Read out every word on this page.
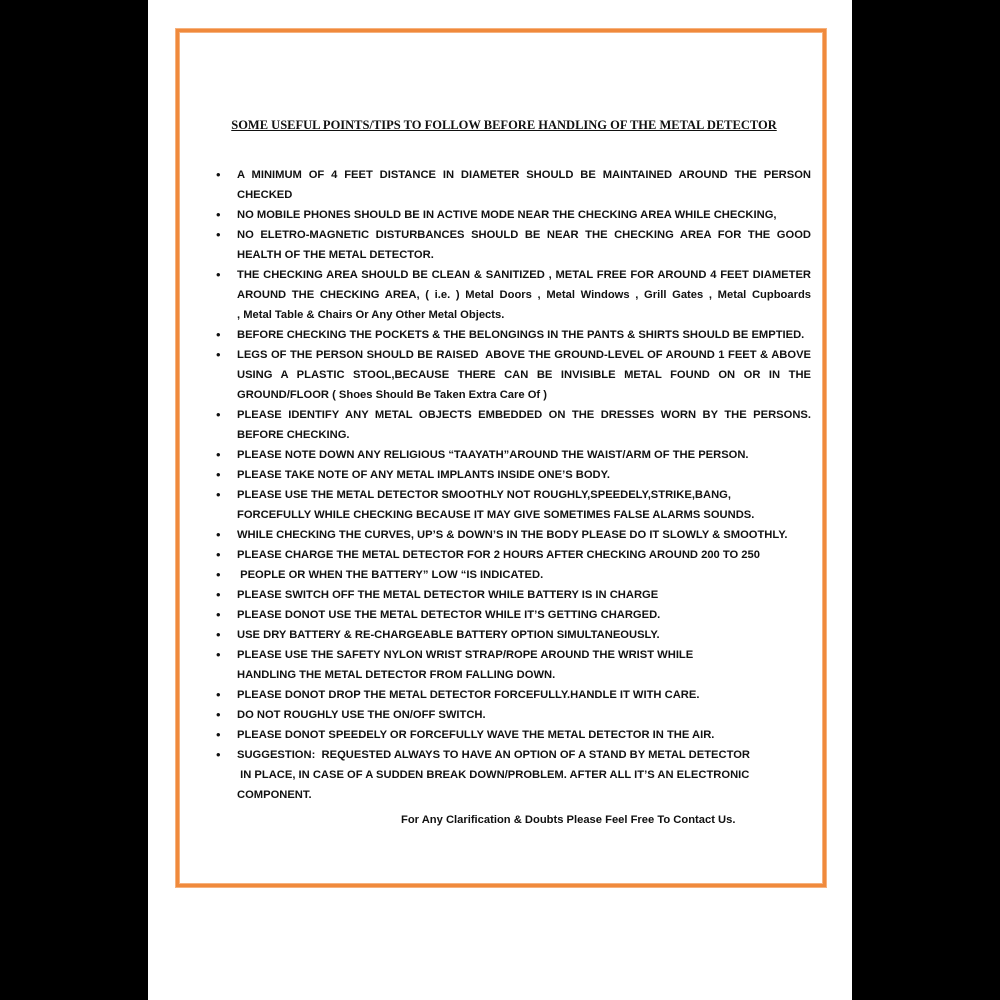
SOME USEFUL POINTS/TIPS TO FOLLOW BEFORE HANDLING OF THE METAL DETECTOR
• A MINIMUM OF 4 FEET DISTANCE IN DIAMETER SHOULD BE MAINTAINED AROUND THE PERSON
CHECKED
• NO MOBILE PHONES SHOULD BE IN ACTIVE MODE NEAR THE CHECKING AREA WHILE CHECKING,
• NO ELETRO-MAGNETIC DISTURBANCES SHOULD BE NEAR THE CHECKING AREA FOR THE GOOD
HEALTH OF THE METAL DETECTOR.
• THE CHECKING AREA SHOULD BE CLEAN & SANITIZED , METAL FREE FOR AROUND 4 FEET DIAMETER
AROUND THE CHECKING AREA, ( i.e. ) Metal Doors , Metal Windows , Grill Gates , Metal Cupboards
, Metal Table & Chairs Or Any Other Metal Objects.
• BEFORE CHECKING THE POCKETS & THE BELONGINGS IN THE PANTS & SHIRTS SHOULD BE EMPTIED.
• LEGS OF THE PERSON SHOULD BE RAISED  ABOVE THE GROUND-LEVEL OF AROUND 1 FEET & ABOVE
USING A PLASTIC STOOL,BECAUSE THERE CAN BE INVISIBLE METAL FOUND ON OR IN THE
GROUND/FLOOR ( Shoes Should Be Taken Extra Care Of )
• PLEASE IDENTIFY ANY METAL OBJECTS EMBEDDED ON THE DRESSES WORN BY THE PERSONS.
BEFORE CHECKING.
• PLEASE NOTE DOWN ANY RELIGIOUS “TAAYATH”AROUND THE WAIST/ARM OF THE PERSON.
• PLEASE TAKE NOTE OF ANY METAL IMPLANTS INSIDE ONE’S BODY.
• PLEASE USE THE METAL DETECTOR SMOOTHLY NOT ROUGHLY,SPEEDELY,STRIKE,BANG,
FORCEFULLY WHILE CHECKING BECAUSE IT MAY GIVE SOMETIMES FALSE ALARMS SOUNDS.
• WHILE CHECKING THE CURVES, UP’S & DOWN’S IN THE BODY PLEASE DO IT SLOWLY & SMOOTHLY.
• PLEASE CHARGE THE METAL DETECTOR FOR 2 HOURS AFTER CHECKING AROUND 200 TO 250
• PEOPLE OR WHEN THE BATTERY” LOW “IS INDICATED.
• PLEASE SWITCH OFF THE METAL DETECTOR WHILE BATTERY IS IN CHARGE
• PLEASE DONOT USE THE METAL DETECTOR WHILE IT’S GETTING CHARGED.
• USE DRY BATTERY & RE-CHARGEABLE BATTERY OPTION SIMULTANEOUSLY.
• PLEASE USE THE SAFETY NYLON WRIST STRAP/ROPE AROUND THE WRIST WHILE
HANDLING THE METAL DETECTOR FROM FALLING DOWN.
• PLEASE DONOT DROP THE METAL DETECTOR FORCEFULLY.HANDLE IT WITH CARE.
• DO NOT ROUGHLY USE THE ON/OFF SWITCH.
• PLEASE DONOT SPEEDELY OR FORCEFULLY WAVE THE METAL DETECTOR IN THE AIR.
• SUGGESTION:  REQUESTED ALWAYS TO HAVE AN OPTION OF A STAND BY METAL DETECTOR
IN PLACE, IN CASE OF A SUDDEN BREAK DOWN/PROBLEM. AFTER ALL IT’S AN ELECTRONIC
COMPONENT.
For Any Clarification & Doubts Please Feel Free To Contact Us.
